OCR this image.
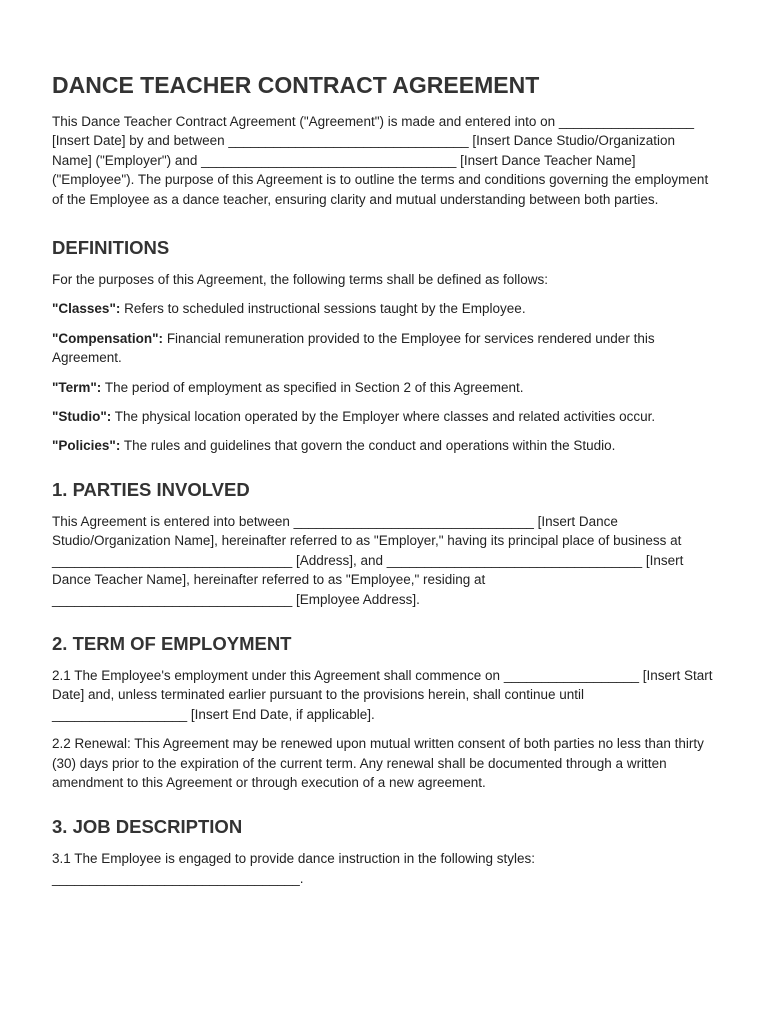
DANCE TEACHER CONTRACT AGREEMENT

This Dance Teacher Contract Agreement ("Agreement") is made and entered into on __________________ [Insert Date] by and between ________________________________ [Insert Dance Studio/Organization Name] ("Employer") and __________________________________ [Insert Dance Teacher Name] ("Employee"). The purpose of this Agreement is to outline the terms and conditions governing the employment of the Employee as a dance teacher, ensuring clarity and mutual understanding between both parties.

DEFINITIONS

For the purposes of this Agreement, the following terms shall be defined as follows:

"Classes": Refers to scheduled instructional sessions taught by the Employee.

"Compensation": Financial remuneration provided to the Employee for services rendered under this Agreement.

"Term": The period of employment as specified in Section 2 of this Agreement.

"Studio": The physical location operated by the Employer where classes and related activities occur.

"Policies": The rules and guidelines that govern the conduct and operations within the Studio.

1. PARTIES INVOLVED

This Agreement is entered into between ________________________________ [Insert Dance Studio/Organization Name], hereinafter referred to as "Employer," having its principal place of business at ________________________________ [Address], and __________________________________ [Insert Dance Teacher Name], hereinafter referred to as "Employee," residing at ________________________________ [Employee Address].

2. TERM OF EMPLOYMENT

2.1 The Employee's employment under this Agreement shall commence on __________________ [Insert Start Date] and, unless terminated earlier pursuant to the provisions herein, shall continue until __________________ [Insert End Date, if applicable].

2.2 Renewal: This Agreement may be renewed upon mutual written consent of both parties no less than thirty (30) days prior to the expiration of the current term. Any renewal shall be documented through a written amendment to this Agreement or through execution of a new agreement.

3. JOB DESCRIPTION

3.1 The Employee is engaged to provide dance instruction in the following styles: _________________________________.
